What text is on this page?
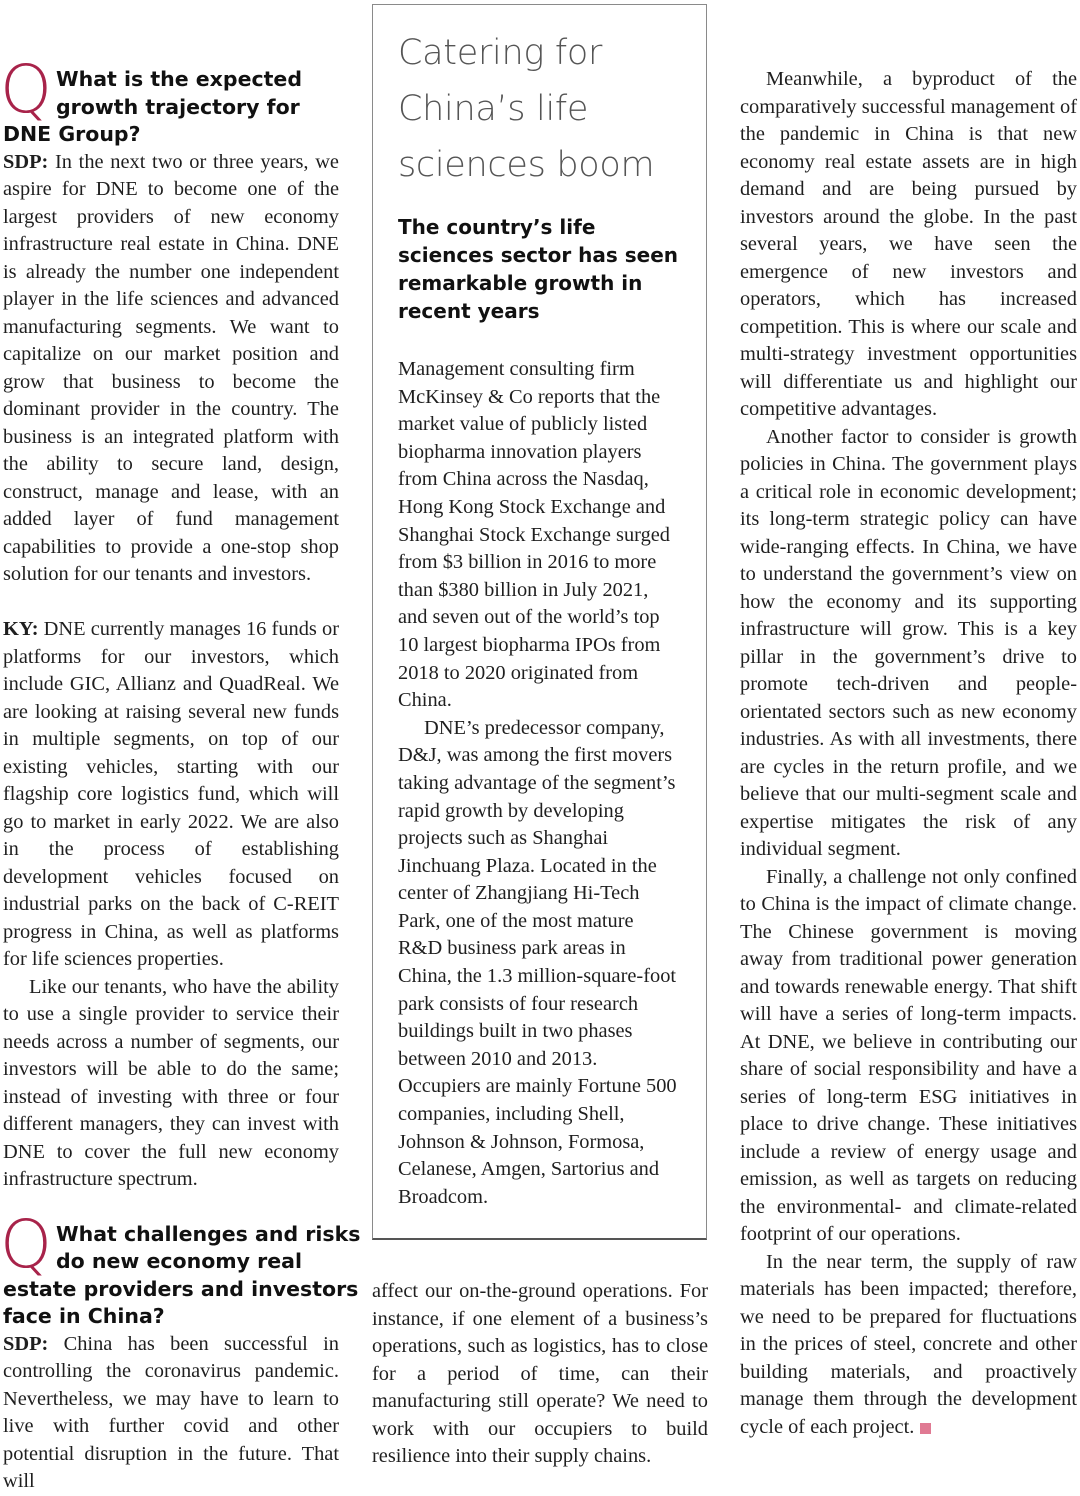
Q What is the expected
growth trajectory for
DNE Group?

SDP: In the next two or three years, we aspire for DNE to become one of the largest providers of new economy infrastructure real estate in China. DNE is already the number one independent player in the life sciences and advanced manufacturing segments. We want to capitalize on our market position and grow that business to become the dominant provider in the country. The business is an integrated platform with the ability to secure land, design, construct, manage and lease, with an added layer of fund management capabilities to provide a one-stop shop solution for our tenants and investors.

KY: DNE currently manages 16 funds or platforms for our investors, which include GIC, Allianz and QuadReal. We are looking at raising several new funds in multiple segments, on top of our existing vehicles, starting with our flagship core logistics fund, which will go to market in early 2022. We are also in the process of establishing development vehicles focused on industrial parks on the back of C-REIT progress in China, as well as platforms for life sciences properties.

Like our tenants, who have the ability to use a single provider to service their needs across a number of segments, our investors will be able to do the same; instead of investing with three or four different managers, they can invest with DNE to cover the full new economy infrastructure spectrum.

Q What challenges and risks
do new economy real
estate providers and investors
face in China?

SDP: China has been successful in controlling the coronavirus pandemic. Nevertheless, we may have to learn to live with further covid and other potential disruption in the future. That will

Catering for China’s life sciences boom
The country’s life sciences sector has seen remarkable growth in recent years

Management consulting firm McKinsey & Co reports that the market value of publicly listed biopharma innovation players from China across the Nasdaq, Hong Kong Stock Exchange and Shanghai Stock Exchange surged from $3 billion in 2016 to more than $380 billion in July 2021, and seven out of the world’s top 10 largest biopharma IPOs from 2018 to 2020 originated from China.

DNE’s predecessor company, D&J, was among the first movers taking advantage of the segment’s rapid growth by developing projects such as Shanghai Jinchuang Plaza. Located in the center of Zhangjiang Hi-Tech Park, one of the most mature R&D business park areas in China, the 1.3 million-square-foot park consists of four research buildings built in two phases between 2010 and 2013. Occupiers are mainly Fortune 500 companies, including Shell, Johnson & Johnson, Formosa, Celanese, Amgen, Sartorius and Broadcom.

affect our on-the-ground operations. For instance, if one element of a business’s operations, such as logistics, has to close for a period of time, can their manufacturing still operate? We need to work with our occupiers to build resilience into their supply chains.

Meanwhile, a byproduct of the comparatively successful management of the pandemic in China is that new economy real estate assets are in high demand and are being pursued by investors around the globe. In the past several years, we have seen the emergence of new investors and operators, which has increased competition. This is where our scale and multi-strategy investment opportunities will differentiate us and highlight our competitive advantages.

Another factor to consider is growth policies in China. The government plays a critical role in economic development; its long-term strategic policy can have wide-ranging effects. In China, we have to understand the government’s view on how the economy and its supporting infrastructure will grow. This is a key pillar in the government’s drive to promote tech-driven and people-orientated sectors such as new economy industries. As with all investments, there are cycles in the return profile, and we believe that our multi-segment scale and expertise mitigates the risk of any individual segment.

Finally, a challenge not only confined to China is the impact of climate change. The Chinese government is moving away from traditional power generation and towards renewable energy. That shift will have a series of long-term impacts. At DNE, we believe in contributing our share of social responsibility and have a series of long-term ESG initiatives in place to drive change. These initiatives include a review of energy usage and emission, as well as targets on reducing the environmental- and climate-related footprint of our operations.

In the near term, the supply of raw materials has been impacted; therefore, we need to be prepared for fluctuations in the prices of steel, concrete and other building materials, and proactively manage them through the development cycle of each project.
